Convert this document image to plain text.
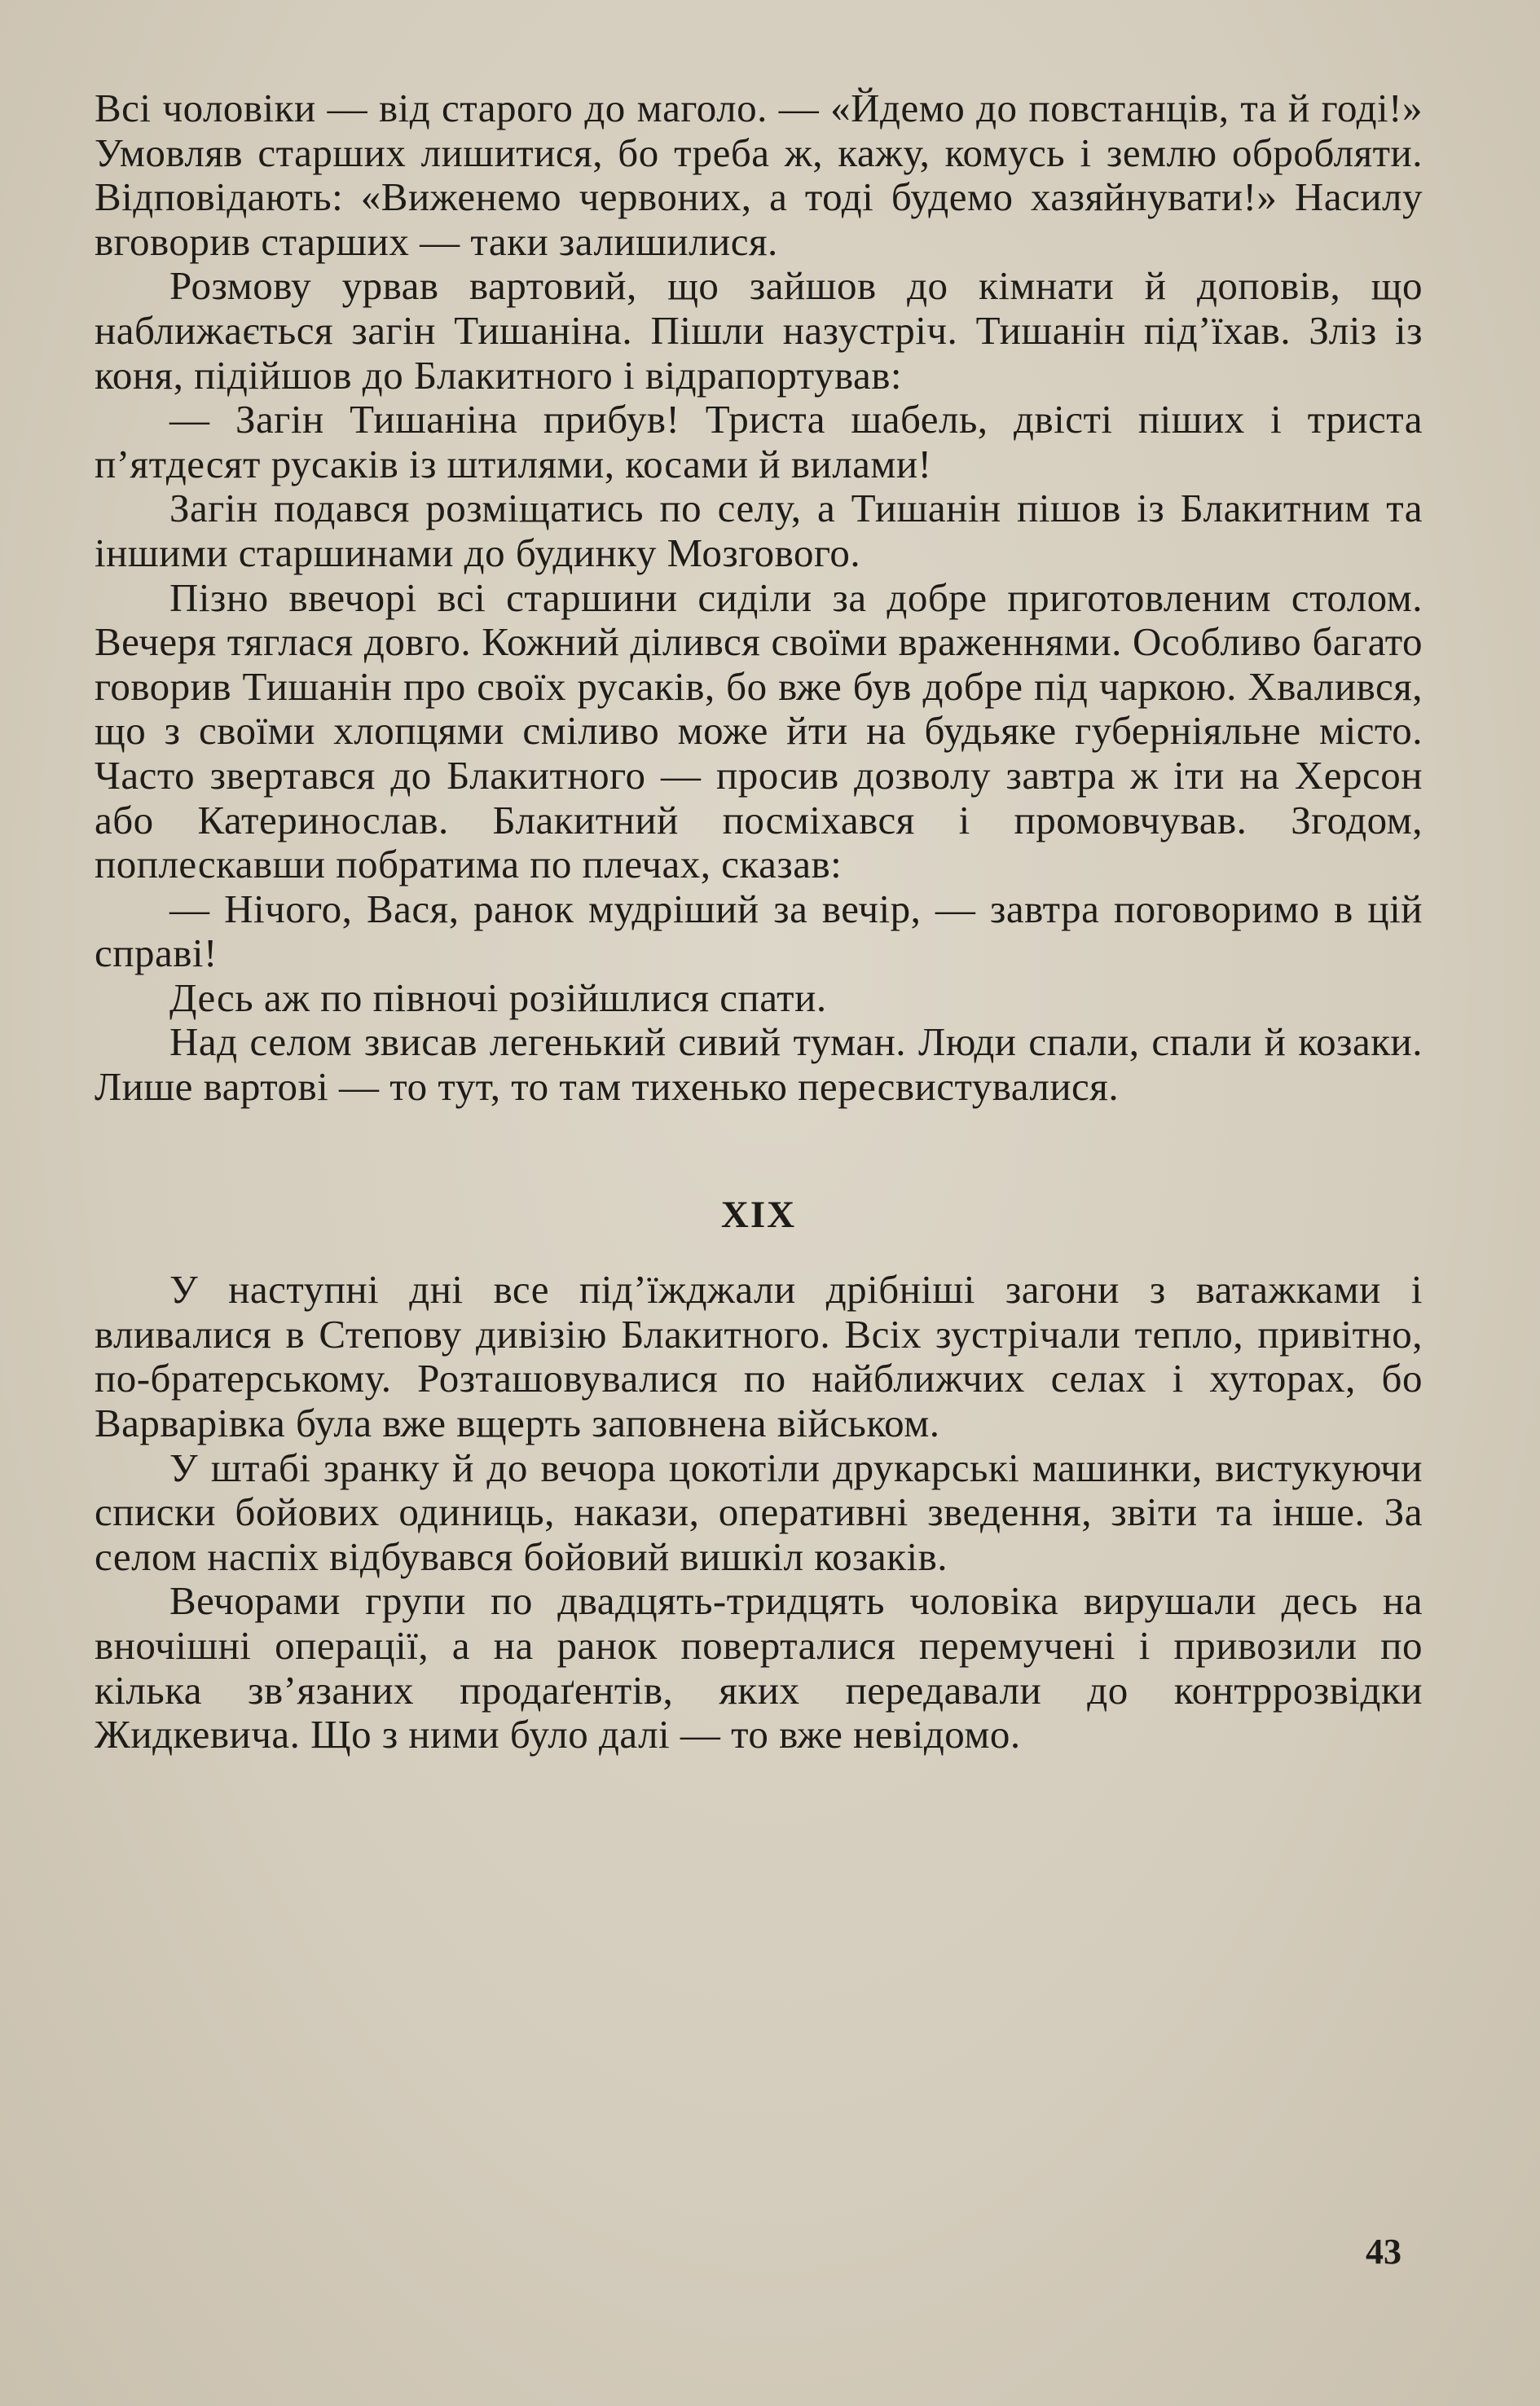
Всі чоловіки — від старого до мaголо. — «Йдемо до повстанців, та й годі!» Умовляв старших лишитися, бо треба ж, кажу, комусь і землю обробляти. Відповідають: «Виженемо червоних, а тоді будемо хазяйнувати!» Насилу вговорив старших — таки залишилися.

Розмову урвав вартовий, що зайшов до кімнати й доповів, що наближається загін Тишаніна. Пішли назустріч. Тишанін під’їхав. Зліз із коня, підійшов до Блакитного і відрапортував:

— Загін Тишаніна прибув! Триста шабель, двісті піших і триста п’ятдесят русаків із штилями, косами й вилами!

Загін подався розміщатись по селу, а Тишанін пішов із Блакитним та іншими старшинами до будинку Мозгового.

Пізно ввечорі всі старшини сиділи за добре приготовленим столом. Вечеря тяглася довго. Кожний ділився своїми враженнями. Особливо багато говорив Тишанін про своїх русаків, бо вже був добре під чаркою. Хвалився, що з своїми хлопцями сміливо може йти на будьяке губерніяльне місто. Часто звертався до Блакитного — просив дозволу завтра ж іти на Херсон або Катеринослав. Блакитний посміхався і промовчував. Згодом, поплескавши побратима по плечах, сказав:

— Нічого, Вася, ранок мудріший за вечір, — завтра поговоримо в цій справі!

Десь аж по півночі розійшлися спати.

Над селом звисав легенький сивий туман. Люди спали, спали й козаки. Лише вартові — то тут, то там тихенько пересвистувалися.

XIX

У наступні дні все під’їжджали дрібніші загони з ватажками і вливалися в Степову дивізію Блакитного. Всіх зустрічали тепло, привітно, по-братерському. Розташовувалися по найближчих селах і хуторах, бо Варварівка була вже вщерть заповнена військом.

У штабі зранку й до вечора цокотіли друкарські машинки, вистукуючи списки бойових одиниць, накази, оперативні зведення, звіти та інше. За селом наспіх відбувався бойовий вишкіл козаків.

Вечорами групи по двадцять-тридцять чоловіка вирушали десь на вночішні операції, а на ранок поверталися перемучені і привозили по кілька зв’язаних продаґентів, яких передавали до контррозвідки Жидкевича. Що з ними було далі — то вже невідомо.

43
